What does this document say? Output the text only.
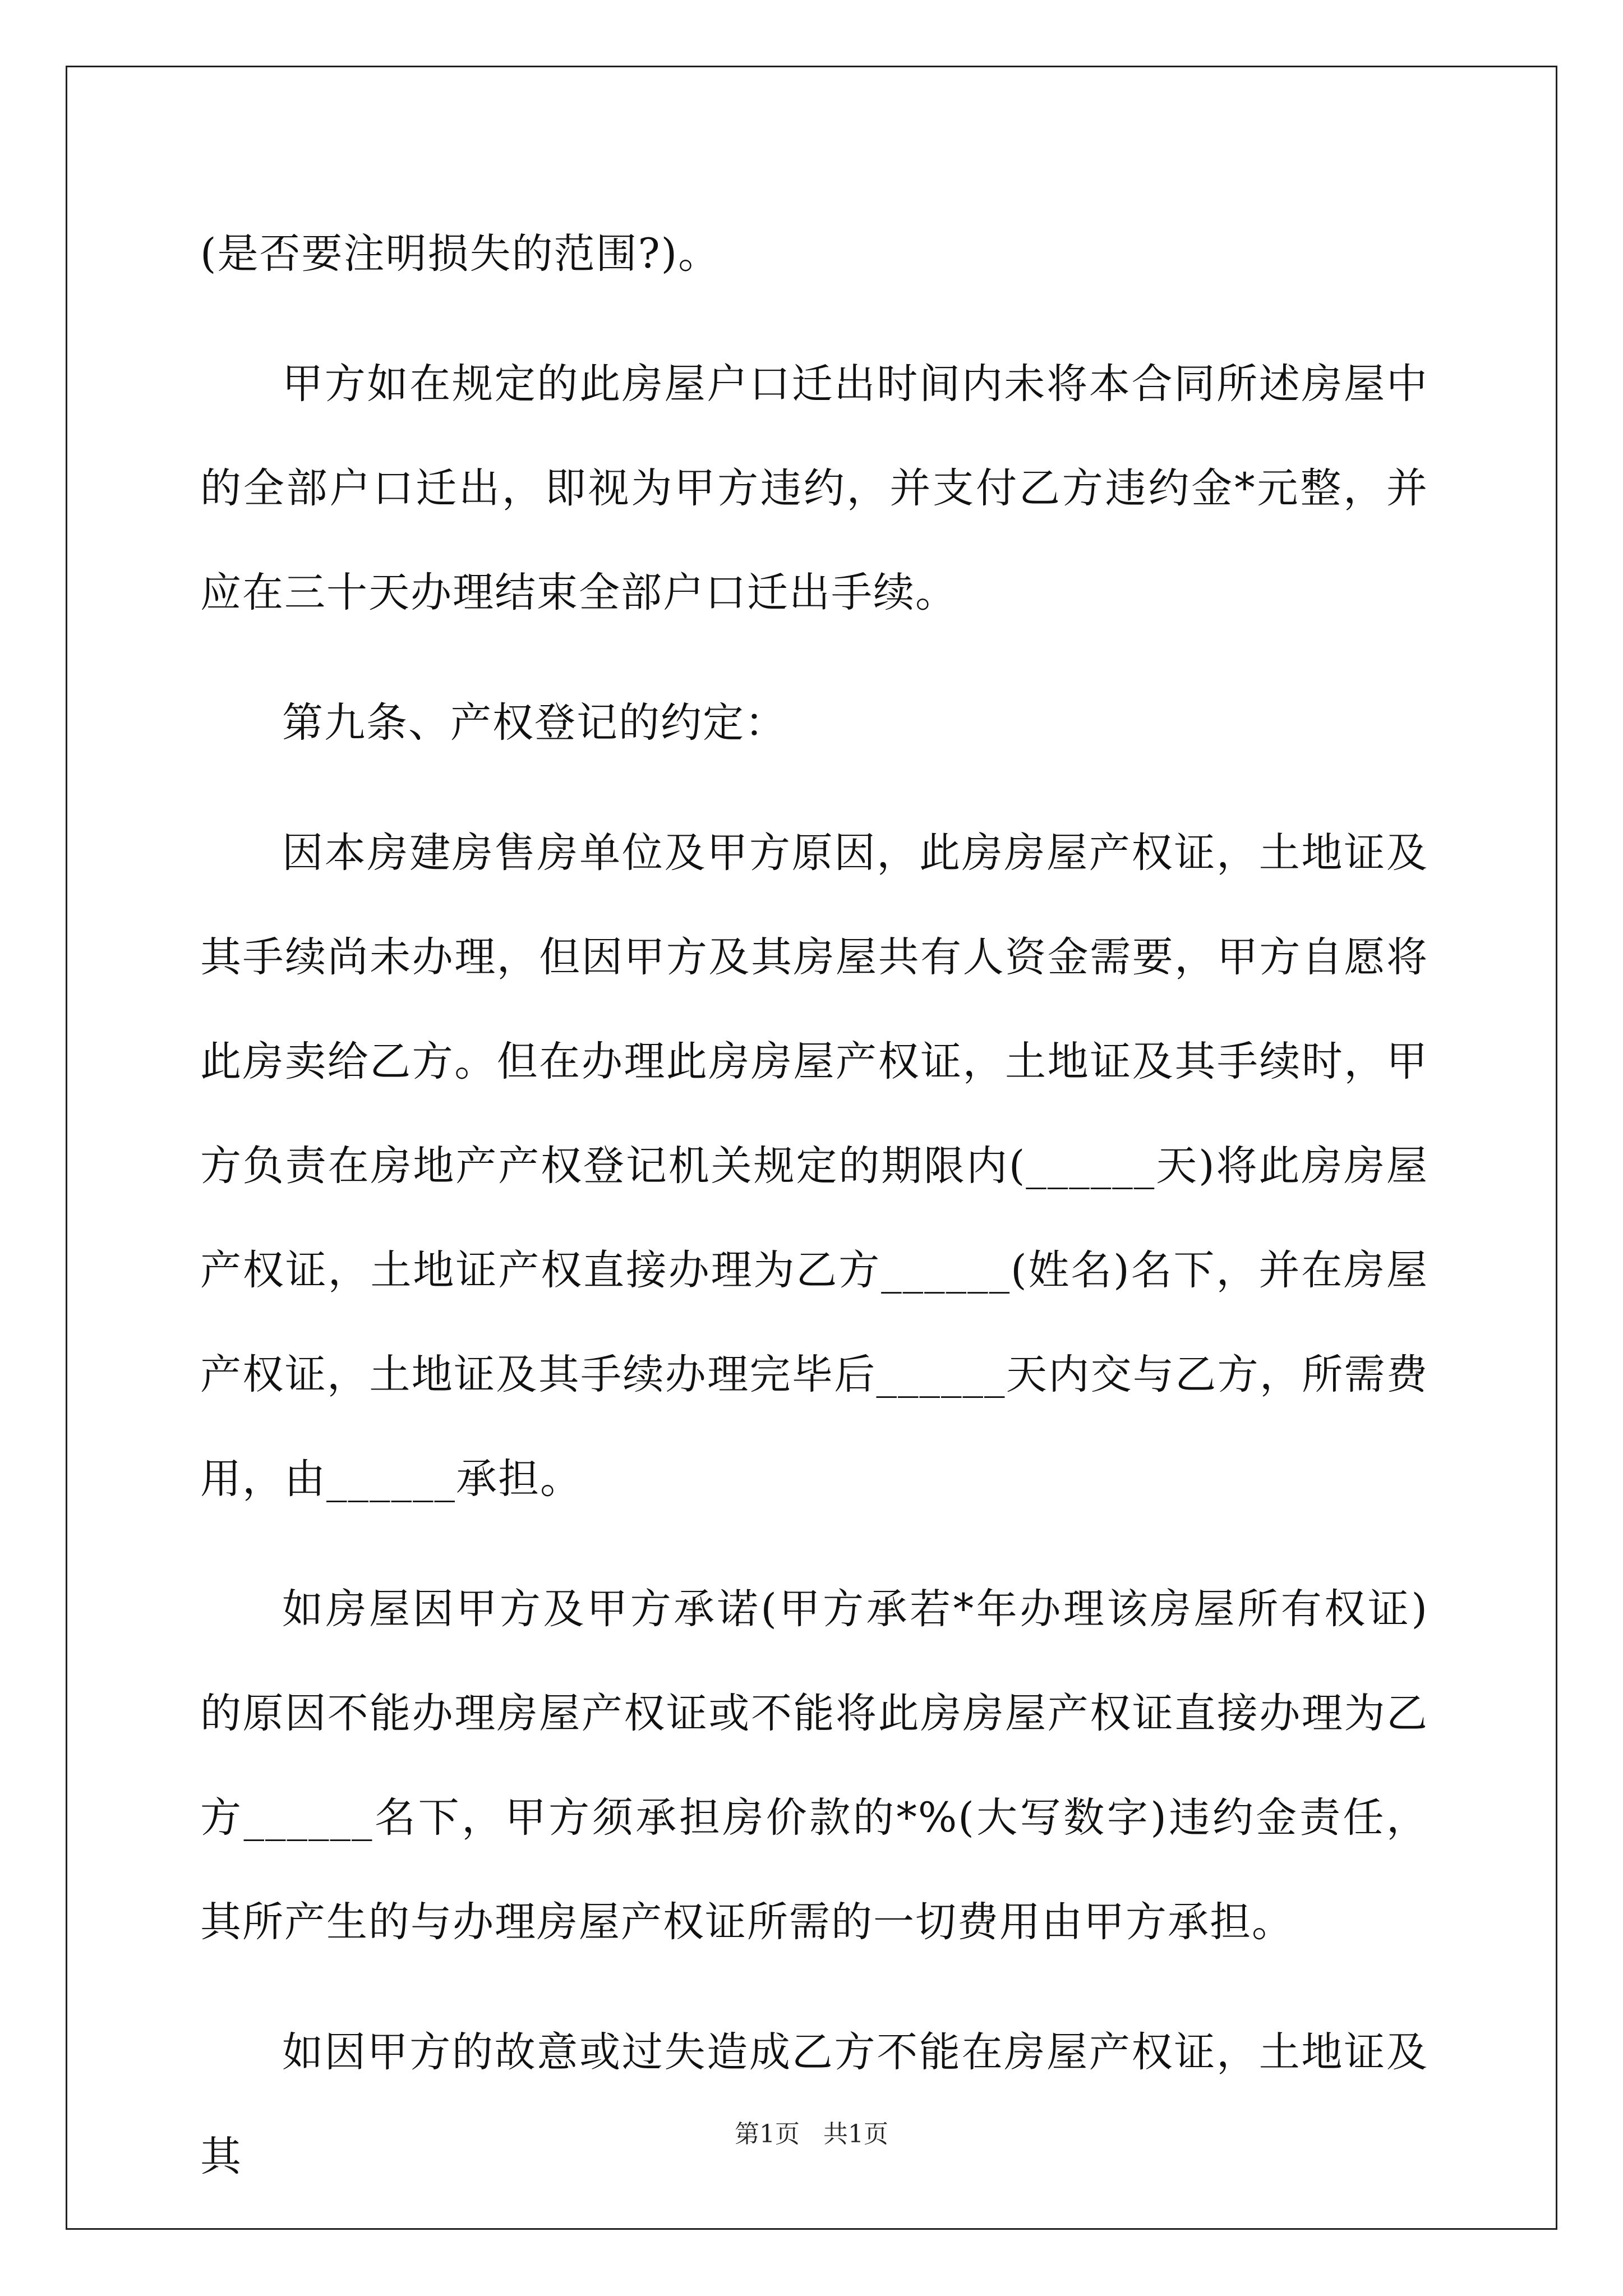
(是否要注明损失的范围?)。

甲方如在规定的此房屋户口迁出时间内未将本合同所述房屋中的全部户口迁出，即视为甲方违约，并支付乙方违约金*元整，并应在三十天办理结束全部户口迁出手续。

第九条、产权登记的约定：

因本房建房售房单位及甲方原因，此房房屋产权证，土地证及其手续尚未办理，但因甲方及其房屋共有人资金需要，甲方自愿将此房卖给乙方。但在办理此房房屋产权证，土地证及其手续时，甲方负责在房地产产权登记机关规定的期限内(______天)将此房房屋产权证，土地证产权直接办理为乙方______(姓名)名下，并在房屋产权证，土地证及其手续办理完毕后______天内交与乙方，所需费用，由______承担。

如房屋因甲方及甲方承诺(甲方承若*年办理该房屋所有权证)的原因不能办理房屋产权证或不能将此房房屋产权证直接办理为乙方______名下，甲方须承担房价款的*%(大写数字)违约金责任，其所产生的与办理房屋产权证所需的一切费用由甲方承担。

如因甲方的故意或过失造成乙方不能在房屋产权证，土地证及其	第1页   共1页
